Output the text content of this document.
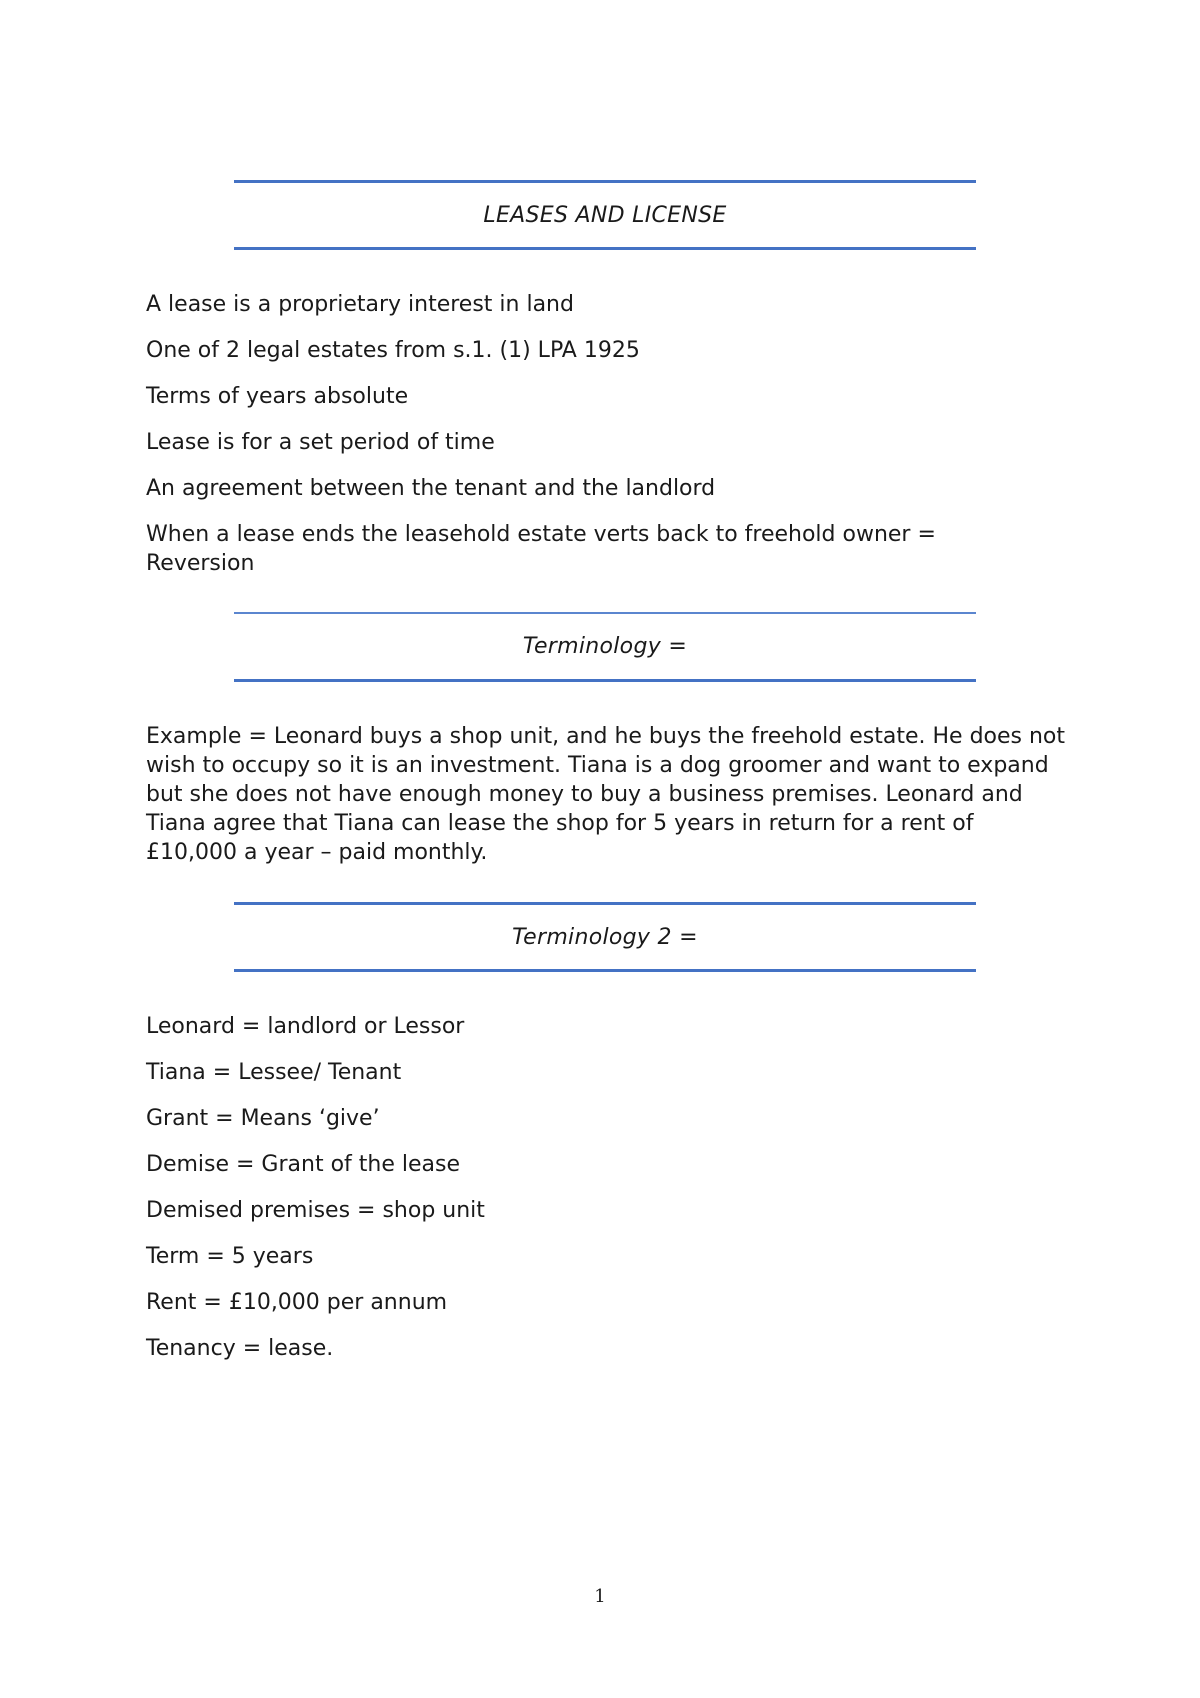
LEASES AND LICENSE

A lease is a proprietary interest in land

One of 2 legal estates from s.1. (1) LPA 1925

Terms of years absolute

Lease is for a set period of time

An agreement between the tenant and the landlord

When a lease ends the leasehold estate verts back to freehold owner = Reversion

Terminology =

Example = Leonard buys a shop unit, and he buys the freehold estate. He does not wish to occupy so it is an investment. Tiana is a dog groomer and want to expand but she does not have enough money to buy a business premises. Leonard and Tiana agree that Tiana can lease the shop for 5 years in return for a rent of £10,000 a year – paid monthly.

Terminology 2 =

Leonard = landlord or Lessor

Tiana = Lessee/ Tenant

Grant = Means ‘give’

Demise = Grant of the lease

Demised premises = shop unit

Term = 5 years

Rent = £10,000 per annum

Tenancy = lease.

1
